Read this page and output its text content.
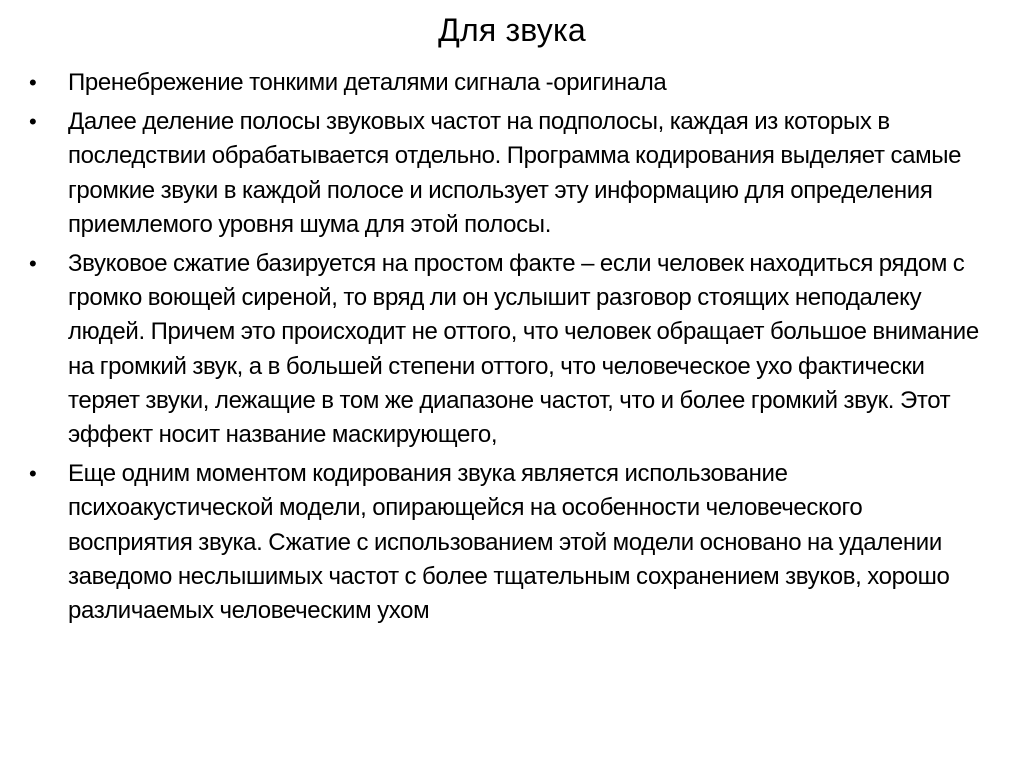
Для звука
•	Пренебрежение тонкими деталями сигнала -оригинала
•	Далее деление полосы звуковых частот на подполосы, каждая из которых в последствии обрабатывается отдельно. Программа кодирования выделяет самые громкие звуки в каждой полосе и использует эту информацию для определения приемлемого уровня шума для этой полосы.
•	Звуковое сжатие базируется на простом факте – если человек находиться рядом с громко воющей сиреной, то вряд ли он услышит разговор стоящих неподалеку людей. Причем это происходит не оттого, что человек обращает большое внимание на громкий звук, а в большей степени оттого, что человеческое ухо фактически теряет звуки, лежащие в том же диапазоне частот, что и более громкий звук. Этот эффект носит название маскирующего,
•	Еще одним моментом кодирования звука является использование психоакустической модели, опирающейся на особенности человеческого восприятия звука. Сжатие с использованием этой модели основано на удалении заведомо неслышимых частот с более тщательным сохранением звуков, хорошо различаемых человеческим ухом
